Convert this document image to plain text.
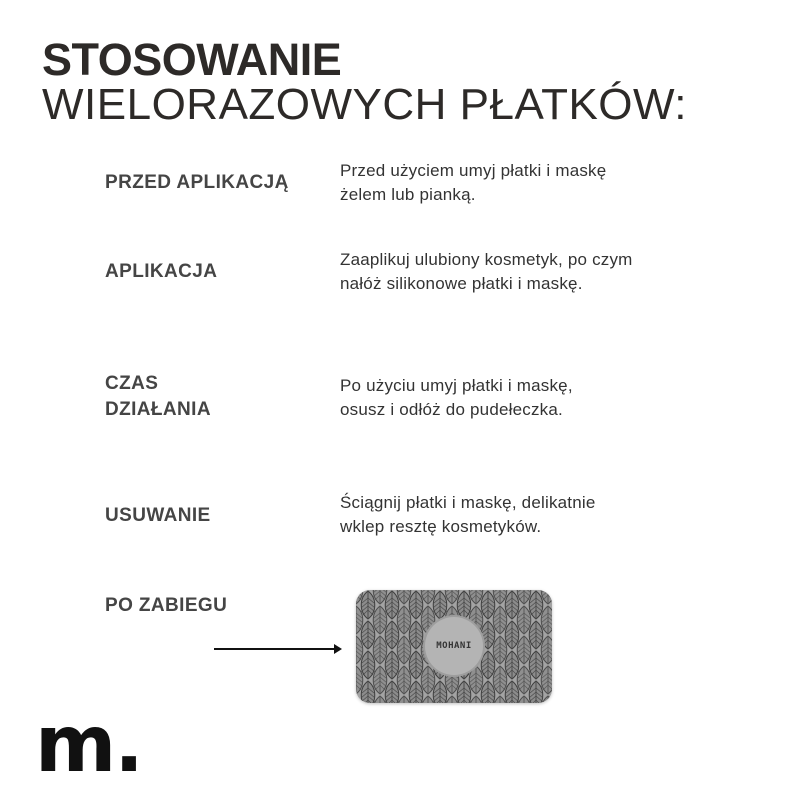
STOSOWANIE
WIELORAZOWYCH PŁATKÓW:
PRZED APLIKACJĄ
Przed użyciem umyj płatki i maskę
żelem lub pianką.
APLIKACJA
Zaaplikuj ulubiony kosmetyk, po czym
nałóż silikonowe płatki i maskę.
CZAS
DZIAŁANIA
Po użyciu umyj płatki i maskę,
osusz i odłóż do pudełeczka.
USUWANIE
Ściągnij płatki i maskę, delikatnie
wklep resztę kosmetyków.
PO ZABIEGU
MOHANI
m.
